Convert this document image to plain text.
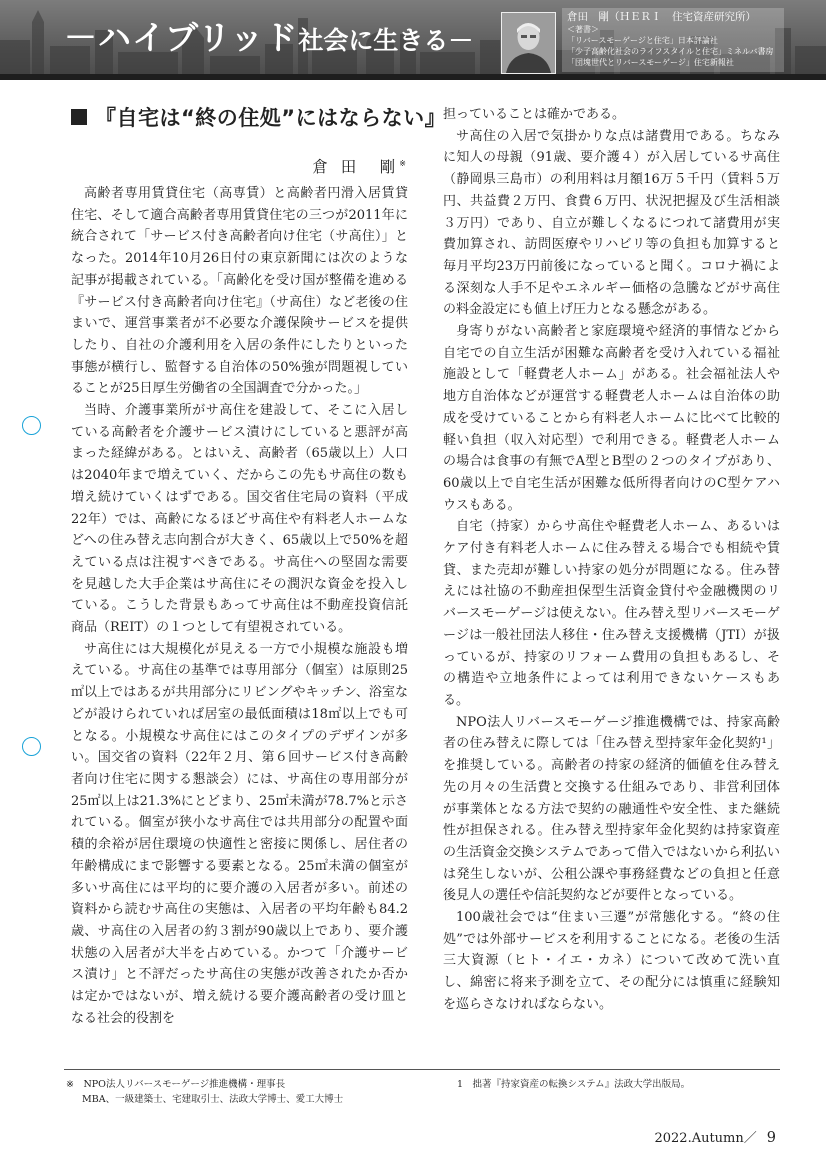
－ハイブリッド社会に生きる－
倉田　剛（ＨＥＲＩ　住宅資産研究所）
＜著書＞
「リバースモーゲージと住宅」日本評論社
「少子高齢化社会のライフスタイルと住宅」ミネルバ書房
「団塊世代とリバースモーゲージ」住宅新報社
『自宅は“終の住処”にはならない』
倉 田　剛※

高齢者専用賃貸住宅（高専賃）と高齢者円滑入居賃貸住宅、そして適合高齢者専用賃貸住宅の三つが2011年に統合されて「サービス付き高齢者向け住宅（サ高住）」となった。2014年10月26日付の東京新聞には次のような記事が掲載されている。「高齢化を受け国が整備を進める『サービス付き高齢者向け住宅』（サ高住）など老後の住まいで、運営事業者が不必要な介護保険サービスを提供したり、自社の介護利用を入居の条件にしたりといった事態が横行し、監督する自治体の50%強が問題視していることが25日厚生労働省の全国調査で分かった。」

当時、介護事業所がサ高住を建設して、そこに入居している高齢者を介護サービス漬けにしていると悪評が高まった経緯がある。とはいえ、高齢者（65歳以上）人口は2040年まで増えていく、だからこの先もサ高住の数も増え続けていくはずである。国交省住宅局の資料（平成22年）では、高齢になるほどサ高住や有料老人ホームなどへの住み替え志向割合が大きく、65歳以上で50%を超えている点は注視すべきである。サ高住への堅固な需要を見越した大手企業はサ高住にその潤沢な資金を投入している。こうした背景もあってサ高住は不動産投資信託商品（REIT）の１つとして有望視されている。

サ高住には大規模化が見える一方で小規模な施設も増えている。サ高住の基準では専用部分（個室）は原則25㎡以上ではあるが共用部分にリビングやキッチン、浴室などが設けられていれば居室の最低面積は18㎡以上でも可となる。小規模なサ高住にはこのタイプのデザインが多い。国交省の資料（22年２月、第６回サービス付き高齢者向け住宅に関する懇談会）には、サ高住の専用部分が25㎡以上は21.3%にとどまり、25㎡未満が78.7%と示されている。個室が狭小なサ高住では共用部分の配置や面積的余裕が居住環境の快適性と密接に関係し、居住者の年齢構成にまで影響する要素となる。25㎡未満の個室が多いサ高住には平均的に要介護の入居者が多い。前述の資料から読むサ高住の実態は、入居者の平均年齢も84.2歳、サ高住の入居者の約３割が90歳以上であり、要介護状態の入居者が大半を占めている。かつて「介護サービス漬け」と不評だったサ高住の実態が改善されたか否かは定かではないが、増え続ける要介護高齢者の受け皿となる社会的役割を

担っていることは確かである。

サ高住の入居で気掛かりな点は諸費用である。ちなみに知人の母親（91歳、要介護４）が入居しているサ高住（静岡県三島市）の利用料は月額16万５千円（賃料５万円、共益費２万円、食費６万円、状況把握及び生活相談３万円）であり、自立が難しくなるにつれて諸費用が実費加算され、訪問医療やリハビリ等の負担も加算すると毎月平均23万円前後になっていると聞く。コロナ禍による深刻な人手不足やエネルギー価格の急騰などがサ高住の料金設定にも値上げ圧力となる懸念がある。

身寄りがない高齢者と家庭環境や経済的事情などから自宅での自立生活が困難な高齢者を受け入れている福祉施設として「軽費老人ホーム」がある。社会福祉法人や地方自治体などが運営する軽費老人ホームは自治体の助成を受けていることから有料老人ホームに比べて比較的軽い負担（収入対応型）で利用できる。軽費老人ホームの場合は食事の有無でA型とB型の２つのタイプがあり、60歳以上で自宅生活が困難な低所得者向けのC型ケアハウスもある。

自宅（持家）からサ高住や軽費老人ホーム、あるいはケア付き有料老人ホームに住み替える場合でも相続や賃貸、また売却が難しい持家の処分が問題になる。住み替えには社協の不動産担保型生活資金貸付や金融機関のリバースモーゲージは使えない。住み替え型リバースモーゲージは一般社団法人移住・住み替え支援機構（JTI）が扱っているが、持家のリフォーム費用の負担もあるし、その構造や立地条件によっては利用できないケースもある。

NPO法人リバースモーゲージ推進機構では、持家高齢者の住み替えに際しては「住み替え型持家年金化契約¹」を推奨している。高齢者の持家の経済的価値を住み替え先の月々の生活費と交換する仕組みであり、非営利団体が事業体となる方法で契約の融通性や安全性、また継続性が担保される。住み替え型持家年金化契約は持家資産の生活資金交換システムであって借入ではないから利払いは発生しないが、公租公課や事務経費などの負担と任意後見人の選任や信託契約などが要件となっている。

100歳社会では“住まい三遷”が常態化する。“終の住処”では外部サービスを利用することになる。老後の生活三大資源（ヒト・イエ・カネ）について改めて洗い直し、綿密に将来予測を立て、その配分には慎重に経験知を巡らさなければならない。

※　NPO法人リバースモーゲージ推進機構・理事長
MBA、一級建築士、宅建取引士、法政大学博士、愛工大博士
1　拙著『持家資産の転換システム』法政大学出版局。
2022.Autumn／ 9
